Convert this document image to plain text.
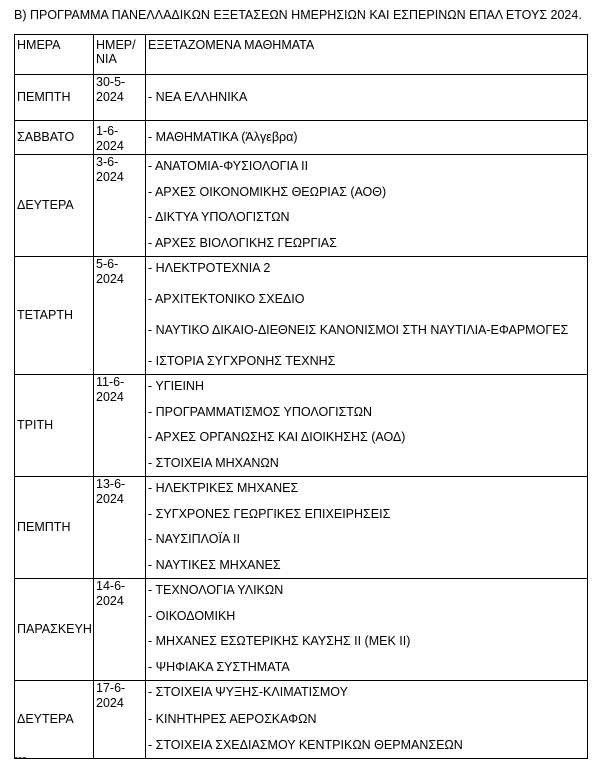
Β) ΠΡΟΓΡΑΜΜΑ ΠΑΝΕΛΛΑΔΙΚΩΝ ΕΞΕΤΑΣΕΩΝ ΗΜΕΡΗΣΙΩΝ ΚΑΙ ΕΣΠΕΡΙΝΩΝ ΕΠΑΛ ΕΤΟΥΣ 2024.
ΗΜΕΡΑ	ΗΜΕΡ/ ΝΙΑ	ΕΞΕΤΑΖΟΜΕΝΑ ΜΑΘΗΜΑΤΑ
ΠΕΜΠΤΗ	30-5-2024	- ΝΕΑ ΕΛΛΗΝΙΚΑ

ΣΑΒΒΑΤΟ	1-6-2024	- ΜΑΘΗΜΑΤΙΚΑ (Άλγεβρα)

ΔΕΥΤΕΡΑ	3-6-2024	- ΑΝΑΤΟΜΙΑ-ΦΥΣΙΟΛΟΓΙΑ ΙΙ
- ΑΡΧΕΣ ΟΙΚΟΝΟΜΙΚΗΣ ΘΕΩΡΙΑΣ (ΑΟΘ)
- ΔΙΚΤΥΑ ΥΠΟΛΟΓΙΣΤΩΝ
- ΑΡΧΕΣ ΒΙΟΛΟΓΙΚΗΣ ΓΕΩΡΓΙΑΣ

ΤΕΤΑΡΤΗ	5-6-2024	- ΗΛΕΚΤΡΟΤΕΧΝΙΑ 2
- ΑΡΧΙΤΕΚΤΟΝΙΚΟ ΣΧΕΔΙΟ
- ΝΑΥΤΙΚΟ ΔΙΚΑΙΟ-ΔΙΕΘΝΕΙΣ ΚΑΝΟΝΙΣΜΟΙ ΣΤΗ ΝΑΥΤΙΛΙΑ-ΕΦΑΡΜΟΓΕΣ
- ΙΣΤΟΡΙΑ ΣΥΓΧΡΟΝΗΣ ΤΕΧΝΗΣ

ΤΡΙΤΗ	11-6-2024	- ΥΓΙΕΙΝΗ
- ΠΡΟΓΡΑΜΜΑΤΙΣΜΟΣ ΥΠΟΛΟΓΙΣΤΩΝ
- ΑΡΧΕΣ ΟΡΓΑΝΩΣΗΣ ΚΑΙ ΔΙΟΙΚΗΣΗΣ (ΑΟΔ)
- ΣΤΟΙΧΕΙΑ ΜΗΧΑΝΩΝ

ΠΕΜΠΤΗ	13-6-2024	- ΗΛΕΚΤΡΙΚΕΣ ΜΗΧΑΝΕΣ
- ΣΥΓΧΡΟΝΕΣ ΓΕΩΡΓΙΚΕΣ ΕΠΙΧΕΙΡΗΣΕΙΣ
- ΝΑΥΣΙΠΛΟΪΑ ΙΙ
- ΝΑΥΤΙΚΕΣ ΜΗΧΑΝΕΣ

ΠΑΡΑΣΚΕΥΗ	14-6-2024	- ΤΕΧΝΟΛΟΓΙΑ ΥΛΙΚΩΝ
- ΟΙΚΟΔΟΜΙΚΗ
- ΜΗΧΑΝΕΣ ΕΣΩΤΕΡΙΚΗΣ ΚΑΥΣΗΣ ΙΙ (ΜΕΚ ΙΙ)
- ΨΗΦΙΑΚΑ ΣΥΣΤΗΜΑΤΑ

ΔΕΥΤΕΡΑ	17-6-2024	- ΣΤΟΙΧΕΙΑ ΨΥΞΗΣ-ΚΛΙΜΑΤΙΣΜΟΥ
- ΚΙΝΗΤΗΡΕΣ ΑΕΡΟΣΚΑΦΩΝ
- ΣΤΟΙΧΕΙΑ ΣΧΕΔΙΑΣΜΟΥ ΚΕΝΤΡΙΚΩΝ ΘΕΡΜΑΝΣΕΩΝ
---
